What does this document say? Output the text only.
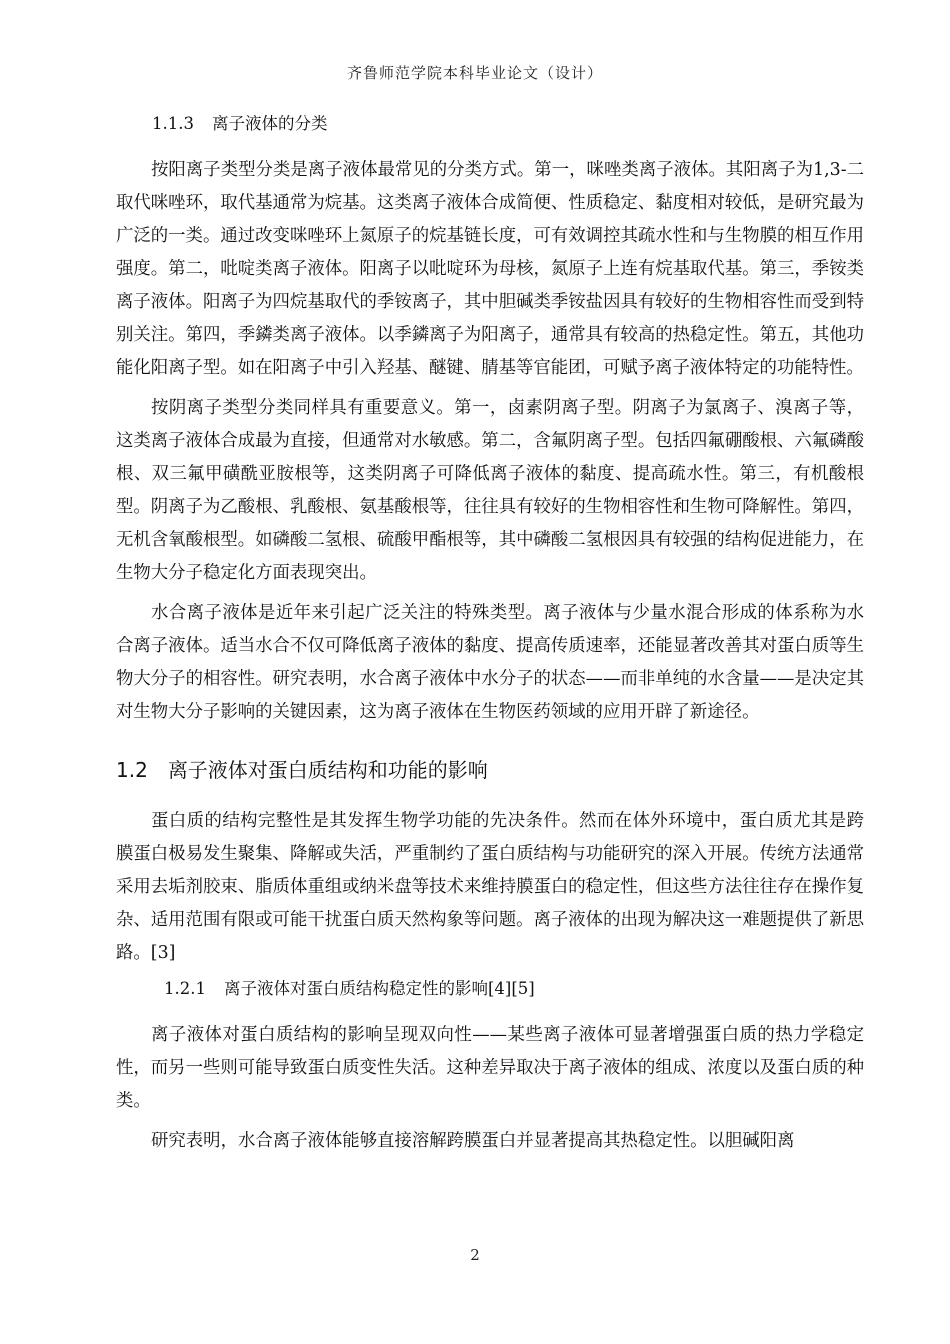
齐鲁师范学院本科毕业论文（设计）
1.1.3 离子液体的分类

按阳离子类型分类是离子液体最常见的分类方式。第一，咪唑类离子液体。其阳离子为1,3-二取代咪唑环，取代基通常为烷基。这类离子液体合成简便、性质稳定、黏度相对较低，是研究最为广泛的一类。通过改变咪唑环上氮原子的烷基链长度，可有效调控其疏水性和与生物膜的相互作用强度。第二，吡啶类离子液体。阳离子以吡啶环为母核，氮原子上连有烷基取代基。第三，季铵类离子液体。阳离子为四烷基取代的季铵离子，其中胆碱类季铵盐因具有较好的生物相容性而受到特别关注。第四，季鏻类离子液体。以季鏻离子为阳离子，通常具有较高的热稳定性。第五，其他功能化阳离子型。如在阳离子中引入羟基、醚键、腈基等官能团，可赋予离子液体特定的功能特性。

按阴离子类型分类同样具有重要意义。第一，卤素阴离子型。阴离子为氯离子、溴离子等，这类离子液体合成最为直接，但通常对水敏感。第二，含氟阴离子型。包括四氟硼酸根、六氟磷酸根、双三氟甲磺酰亚胺根等，这类阴离子可降低离子液体的黏度、提高疏水性。第三，有机酸根型。阴离子为乙酸根、乳酸根、氨基酸根等，往往具有较好的生物相容性和生物可降解性。第四，无机含氧酸根型。如磷酸二氢根、硫酸甲酯根等，其中磷酸二氢根因具有较强的结构促进能力，在生物大分子稳定化方面表现突出。

水合离子液体是近年来引起广泛关注的特殊类型。离子液体与少量水混合形成的体系称为水合离子液体。适当水合不仅可降低离子液体的黏度、提高传质速率，还能显著改善其对蛋白质等生物大分子的相容性。研究表明，水合离子液体中水分子的状态——而非单纯的水含量——是决定其对生物大分子影响的关键因素，这为离子液体在生物医药领域的应用开辟了新途径。

1.2 离子液体对蛋白质结构和功能的影响

蛋白质的结构完整性是其发挥生物学功能的先决条件。然而在体外环境中，蛋白质尤其是跨膜蛋白极易发生聚集、降解或失活，严重制约了蛋白质结构与功能研究的深入开展。传统方法通常采用去垢剂胶束、脂质体重组或纳米盘等技术来维持膜蛋白的稳定性，但这些方法往往存在操作复杂、适用范围有限或可能干扰蛋白质天然构象等问题。离子液体的出现为解决这一难题提供了新思路。[3]

1.2.1 离子液体对蛋白质结构稳定性的影响[4][5]

离子液体对蛋白质结构的影响呈现双向性——某些离子液体可显著增强蛋白质的热力学稳定性，而另一些则可能导致蛋白质变性失活。这种差异取决于离子液体的组成、浓度以及蛋白质的种类。

研究表明，水合离子液体能够直接溶解跨膜蛋白并显著提高其热稳定性。以胆碱阳离

2
